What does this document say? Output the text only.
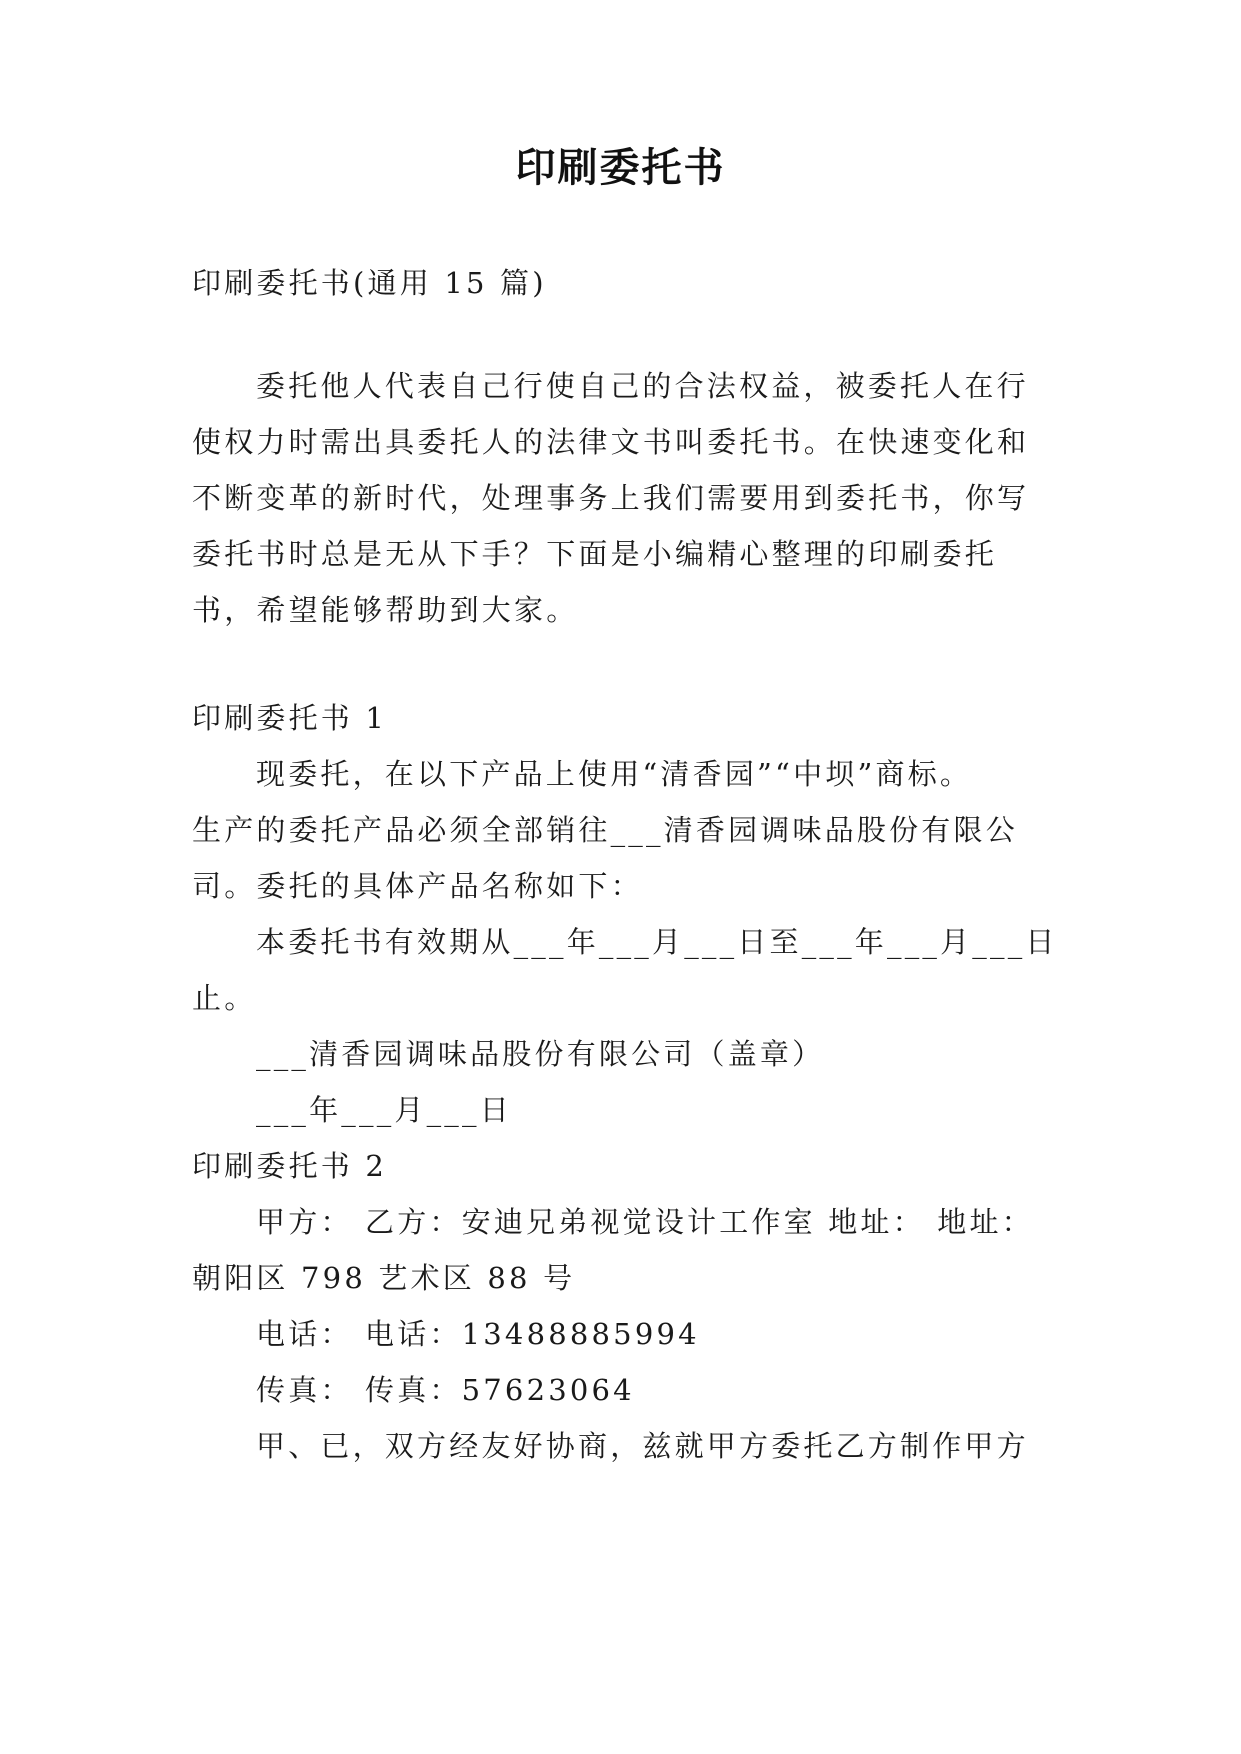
印刷委托书
印刷委托书(通用 15 篇)
委托他人代表自己行使自己的合法权益，被委托人在行
使权力时需出具委托人的法律文书叫委托书。在快速变化和
不断变革的新时代，处理事务上我们需要用到委托书，你写
委托书时总是无从下手？下面是小编精心整理的印刷委托
书，希望能够帮助到大家。
印刷委托书 1
现委托，在以下产品上使用“清香园”“中坝”商标。
生产的委托产品必须全部销往___清香园调味品股份有限公
司。委托的具体产品名称如下：
本委托书有效期从___年___月___日至___年___月___日
止。
___清香园调味品股份有限公司（盖章）
___年___月___日
印刷委托书 2
甲方： 乙方：安迪兄弟视觉设计工作室 地址： 地址：
朝阳区 798 艺术区 88 号
电话： 电话：13488885994
传真： 传真：57623064
甲、已，双方经友好协商，兹就甲方委托乙方制作甲方
